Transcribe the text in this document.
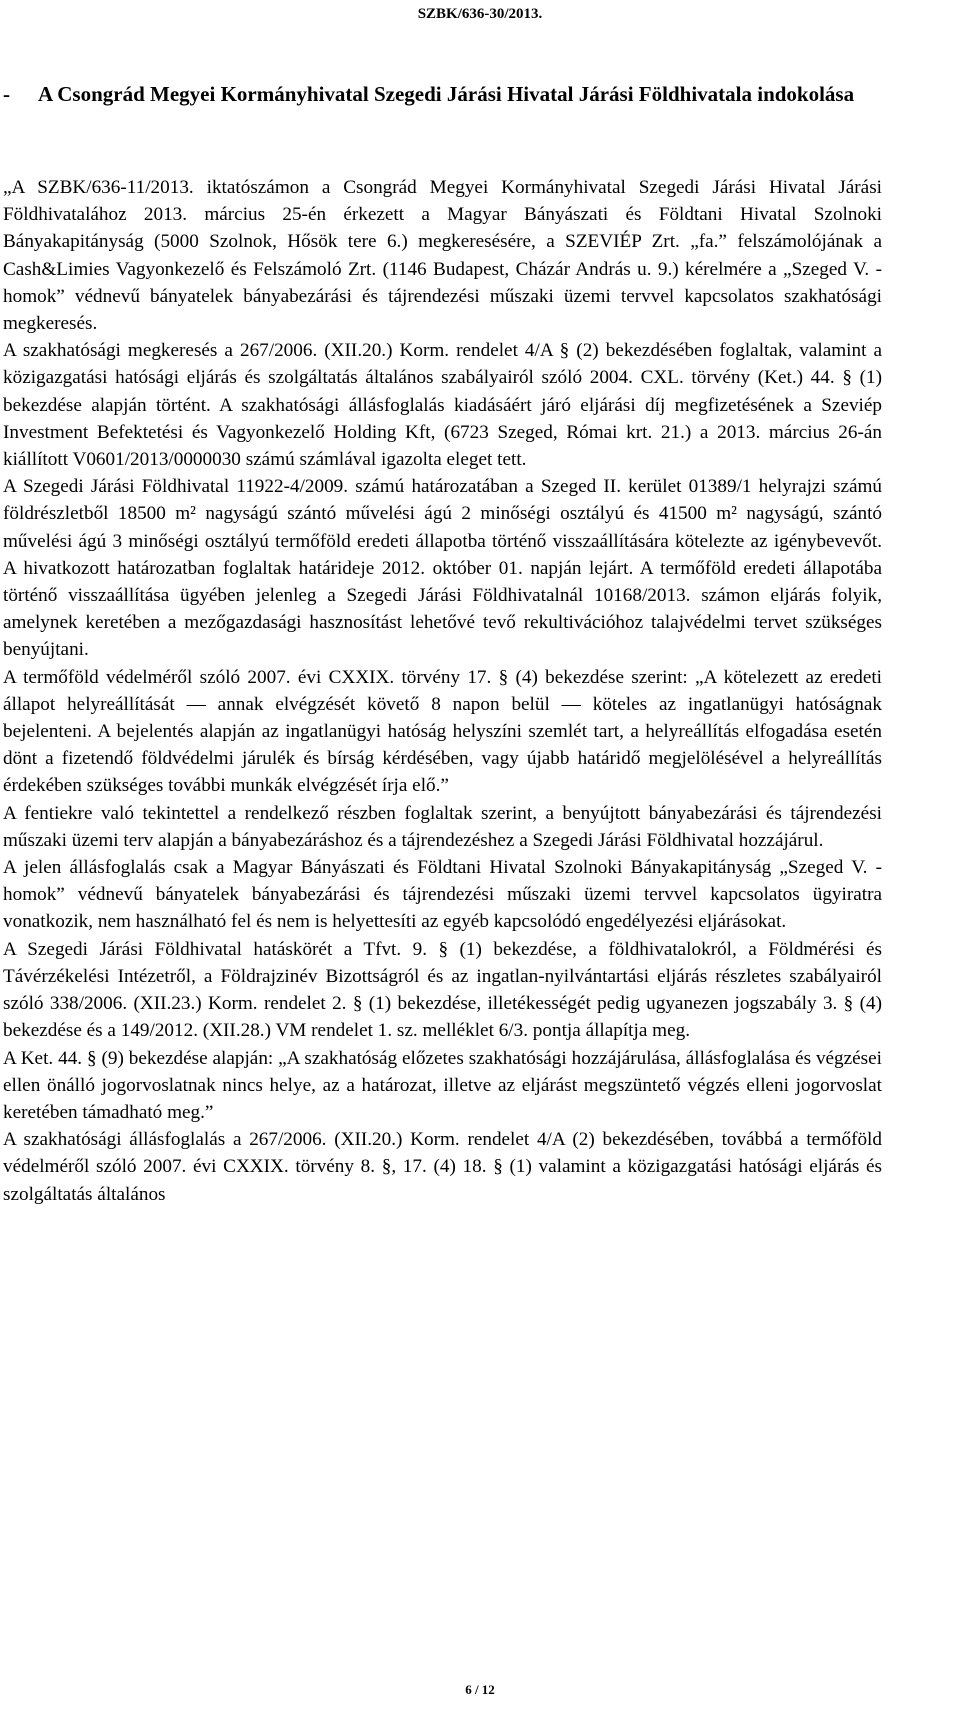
SZBK/636-30/2013.
- A Csongrád Megyei Kormányhivatal Szegedi Járási Hivatal Járási Földhivatala indokolása

„A SZBK/636-11/2013. iktatószámon a Csongrád Megyei Kormányhivatal Szegedi Járási Hivatal Járási Földhivatalához 2013. március 25-én érkezett a Magyar Bányászati és Földtani Hivatal Szolnoki Bányakapitányság (5000 Szolnok, Hősök tere 6.) megkeresésére, a SZEVIÉP Zrt. „fa.” felszámolójának a Cash&Limies Vagyonkezelő és Felszámoló Zrt. (1146 Budapest, Cházár András u. 9.) kérelmére a „Szeged V. -homok” védnevű bányatelek bányabezárási és tájrendezési műszaki üzemi tervvel kapcsolatos szakhatósági megkeresés.

A szakhatósági megkeresés a 267/2006. (XII.20.) Korm. rendelet 4/A § (2) bekezdésében foglaltak, valamint a közigazgatási hatósági eljárás és szolgáltatás általános szabályairól szóló 2004. CXL. törvény (Ket.) 44. § (1) bekezdése alapján történt. A szakhatósági állásfoglalás kiadásáért járó eljárási díj megfizetésének a Szeviép Investment Befektetési és Vagyonkezelő Holding Kft, (6723 Szeged, Római krt. 21.) a 2013. március 26-án kiállított V0601/2013/0000030 számú számlával igazolta eleget tett.

A Szegedi Járási Földhivatal 11922-4/2009. számú határozatában a Szeged II. kerület 01389/1 helyrajzi számú földrészletből 18500 m² nagyságú szántó művelési ágú 2 minőségi osztályú és 41500 m² nagyságú, szántó művelési ágú 3 minőségi osztályú termőföld eredeti állapotba történő visszaállítására kötelezte az igénybevevőt. A hivatkozott határozatban foglaltak határideje 2012. október 01. napján lejárt. A termőföld eredeti állapotába történő visszaállítása ügyében jelenleg a Szegedi Járási Földhivatalnál 10168/2013. számon eljárás folyik, amelynek keretében a mezőgazdasági hasznosítást lehetővé tevő rekultivációhoz talajvédelmi tervet szükséges benyújtani.

A termőföld védelméről szóló 2007. évi CXXIX. törvény 17. § (4) bekezdése szerint: „A kötelezett az eredeti állapot helyreállítását — annak elvégzését követő 8 napon belül — köteles az ingatlanügyi hatóságnak bejelenteni. A bejelentés alapján az ingatlanügyi hatóság helyszíni szemlét tart, a helyreállítás elfogadása esetén dönt a fizetendő földvédelmi járulék és bírság kérdésében, vagy újabb határidő megjelölésével a helyreállítás érdekében szükséges további munkák elvégzését írja elő.”

A fentiekre való tekintettel a rendelkező részben foglaltak szerint, a benyújtott bányabezárási és tájrendezési műszaki üzemi terv alapján a bányabezáráshoz és a tájrendezéshez a Szegedi Járási Földhivatal hozzájárul.

A jelen állásfoglalás csak a Magyar Bányászati és Földtani Hivatal Szolnoki Bányakapitányság „Szeged V. -homok” védnevű bányatelek bányabezárási és tájrendezési műszaki üzemi tervvel kapcsolatos ügyiratra vonatkozik, nem használható fel és nem is helyettesíti az egyéb kapcsolódó engedélyezési eljárásokat.

A Szegedi Járási Földhivatal hatáskörét a Tfvt. 9. § (1) bekezdése, a földhivatalokról, a Földmérési és Távérzékelési Intézetről, a Földrajzinév Bizottságról és az ingatlan-nyilvántartási eljárás részletes szabályairól szóló 338/2006. (XII.23.) Korm. rendelet 2. § (1) bekezdése, illetékességét pedig ugyanezen jogszabály 3. § (4) bekezdése és a 149/2012. (XII.28.) VM rendelet 1. sz. melléklet 6/3. pontja állapítja meg.

A Ket. 44. § (9) bekezdése alapján: „A szakhatóság előzetes szakhatósági hozzájárulása, állásfoglalása és végzései ellen önálló jogorvoslatnak nincs helye, az a határozat, illetve az eljárást megszüntető végzés elleni jogorvoslat keretében támadható meg.”

A szakhatósági állásfoglalás a 267/2006. (XII.20.) Korm. rendelet 4/A (2) bekezdésében, továbbá a termőföld védelméről szóló 2007. évi CXXIX. törvény 8. §, 17. (4) 18. § (1) valamint a közigazgatási hatósági eljárás és szolgáltatás általános

6 / 12
